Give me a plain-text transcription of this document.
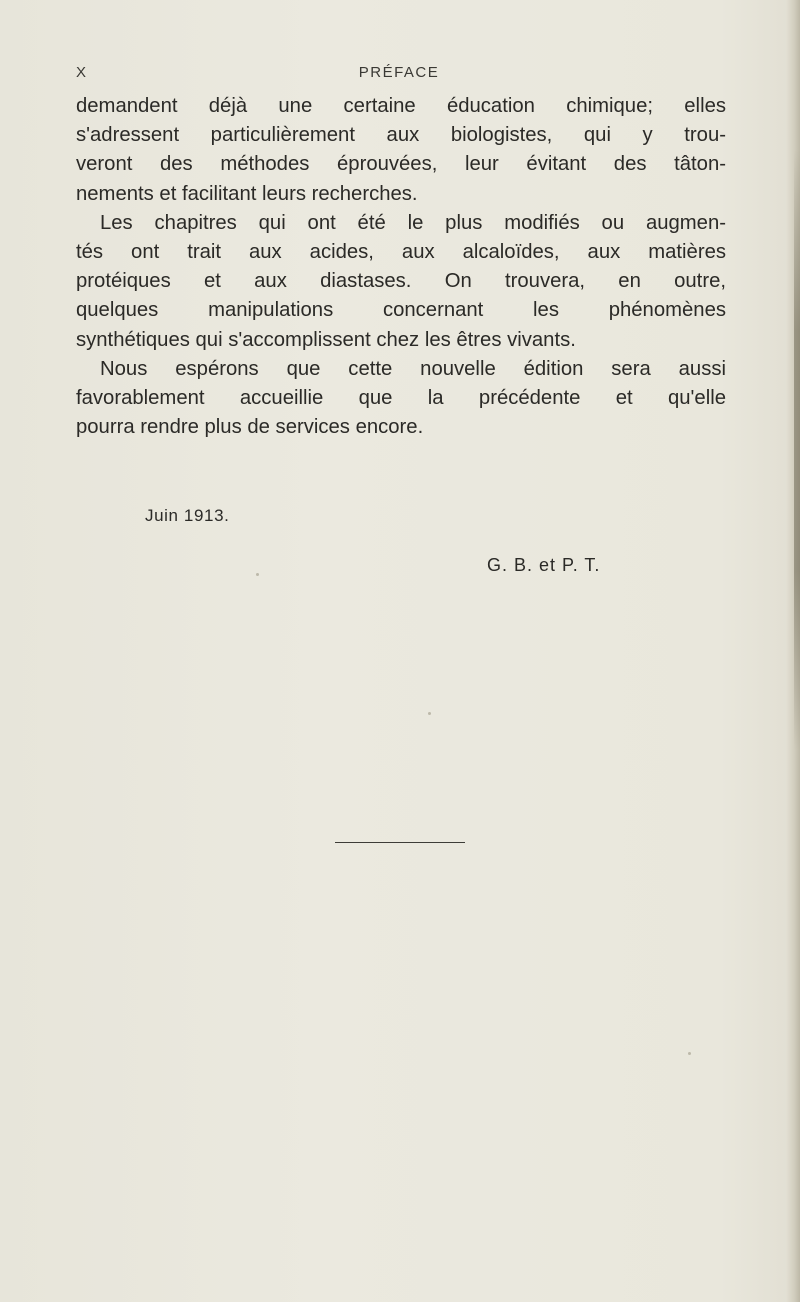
X	PRÉFACE
demandent déjà une certaine éducation chimique; elles
s'adressent particulièrement aux biologistes, qui y trou-
veront des méthodes éprouvées, leur évitant des tâton-
nements et facilitant leurs recherches.
Les chapitres qui ont été le plus modifiés ou augmen-
tés ont trait aux acides, aux alcaloïdes, aux matières
protéiques et aux diastases. On trouvera, en outre,
quelques manipulations concernant les phénomènes
synthétiques qui s'accomplissent chez les êtres vivants.
Nous espérons que cette nouvelle édition sera aussi
favorablement accueillie que la précédente et qu'elle
pourra rendre plus de services encore.
Juin 1913.
G. B. et P. T.
